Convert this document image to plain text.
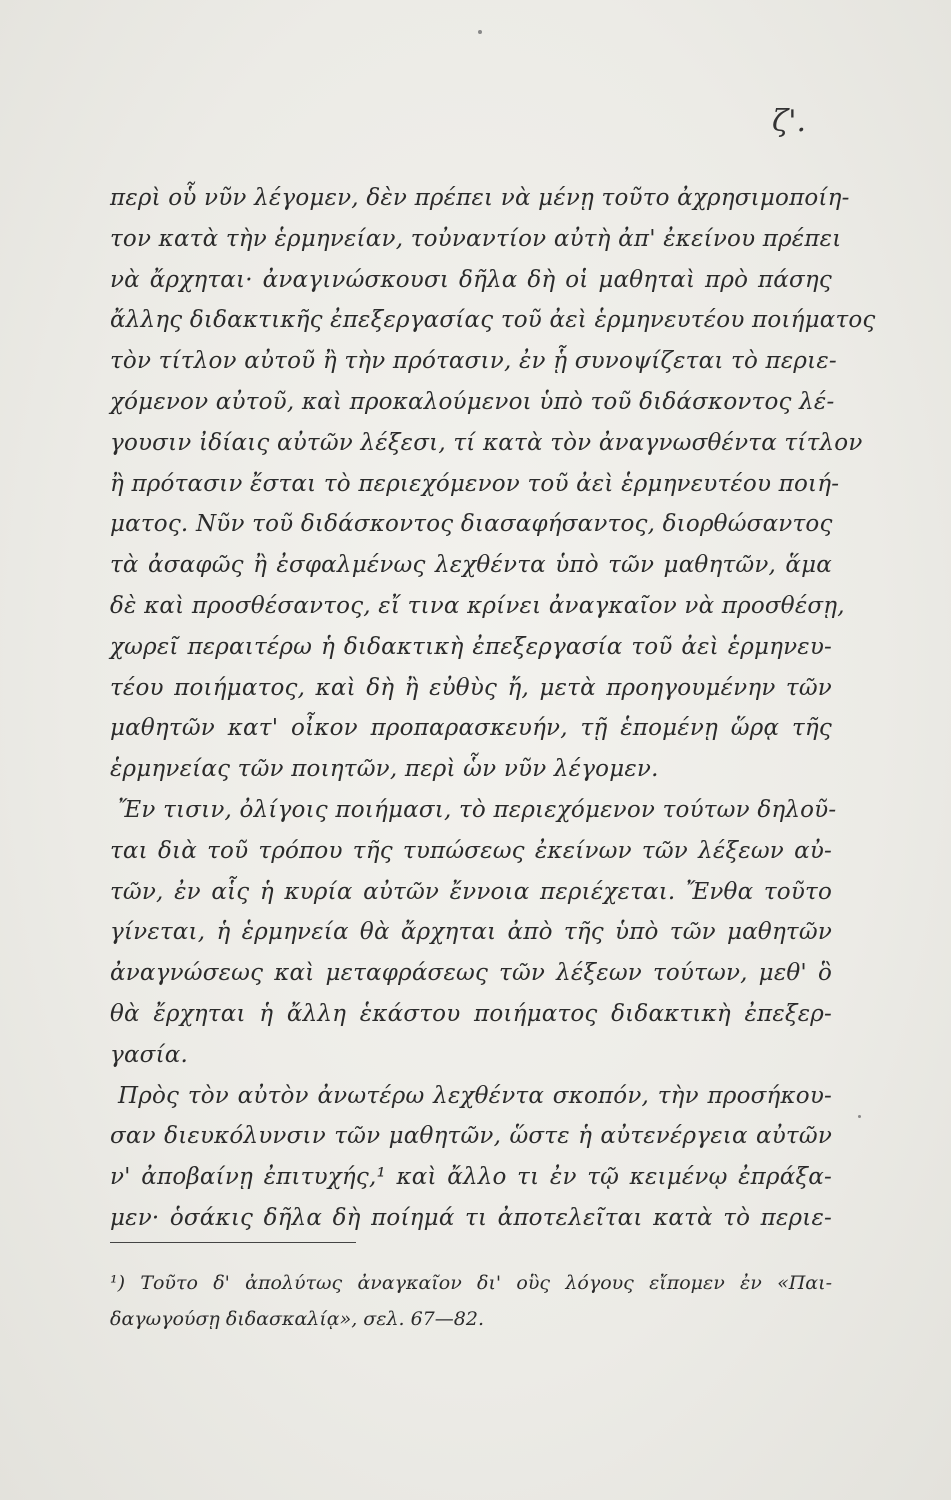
ζ'.
περὶ οὗ νῦν λέγομεν, δὲν πρέπει νὰ μένῃ τοῦτο ἀχρησιμοποίη-
τον κατὰ τὴν ἑρμηνείαν, τοὐναντίον αὐτὴ ἀπ' ἐκείνου πρέπει
νὰ ἄρχηται· ἀναγινώσκουσι δῆλα δὴ οἱ μαθηταὶ πρὸ πάσης
ἄλλης διδακτικῆς ἐπεξεργασίας τοῦ ἀεὶ ἑρμηνευτέου ποιήματος
τὸν τίτλον αὐτοῦ ἢ τὴν πρότασιν, ἐν ᾗ συνοψίζεται τὸ περιε-
χόμενον αὐτοῦ, καὶ προκαλούμενοι ὑπὸ τοῦ διδάσκοντος λέ-
γουσιν ἰδίαις αὐτῶν λέξεσι, τί κατὰ τὸν ἀναγνωσθέντα τίτλον
ἢ πρότασιν ἔσται τὸ περιεχόμενον τοῦ ἀεὶ ἑρμηνευτέου ποιή-
ματος. Νῦν τοῦ διδάσκοντος διασαφήσαντος, διορθώσαντος
τὰ ἀσαφῶς ἢ ἐσφαλμένως λεχθέντα ὑπὸ τῶν μαθητῶν, ἅμα
δὲ καὶ προσθέσαντος, εἴ τινα κρίνει ἀναγκαῖον νὰ προσθέσῃ,
χωρεῖ περαιτέρω ἡ διδακτικὴ ἐπεξεργασία τοῦ ἀεὶ ἑρμηνευ-
τέου ποιήματος, καὶ δὴ ἢ εὐθὺς ἤ, μετὰ προηγουμένην τῶν
μαθητῶν κατ' οἶκον προπαρασκευήν, τῇ ἑπομένῃ ὥρᾳ τῆς
ἑρμηνείας τῶν ποιητῶν, περὶ ὧν νῦν λέγομεν.
Ἔν τισιν, ὀλίγοις ποιήμασι, τὸ περιεχόμενον τούτων δηλοῦ-
ται διὰ τοῦ τρόπου τῆς τυπώσεως ἐκείνων τῶν λέξεων αὐ-
τῶν, ἐν αἷς ἡ κυρία αὐτῶν ἔννοια περιέχεται. Ἔνθα τοῦτο
γίνεται, ἡ ἑρμηνεία θὰ ἄρχηται ἀπὸ τῆς ὑπὸ τῶν μαθητῶν
ἀναγνώσεως καὶ μεταφράσεως τῶν λέξεων τούτων, μεθ' ὃ
θὰ ἔρχηται ἡ ἄλλη ἑκάστου ποιήματος διδακτικὴ ἐπεξερ-
γασία.
Πρὸς τὸν αὐτὸν ἀνωτέρω λεχθέντα σκοπόν, τὴν προσήκου-
σαν διευκόλυνσιν τῶν μαθητῶν, ὥστε ἡ αὐτενέργεια αὐτῶν
ν' ἀποβαίνῃ ἐπιτυχής,¹ καὶ ἄλλο τι ἐν τῷ κειμένῳ ἐπράξα-
μεν· ὁσάκις δῆλα δὴ ποίημά τι ἀποτελεῖται κατὰ τὸ περιε-
¹) Τοῦτο δ' ἀπολύτως ἀναγκαῖον δι' οὓς λόγους εἴπομεν ἐν «Παι-
δαγωγούσῃ διδασκαλίᾳ», σελ. 67—82.
